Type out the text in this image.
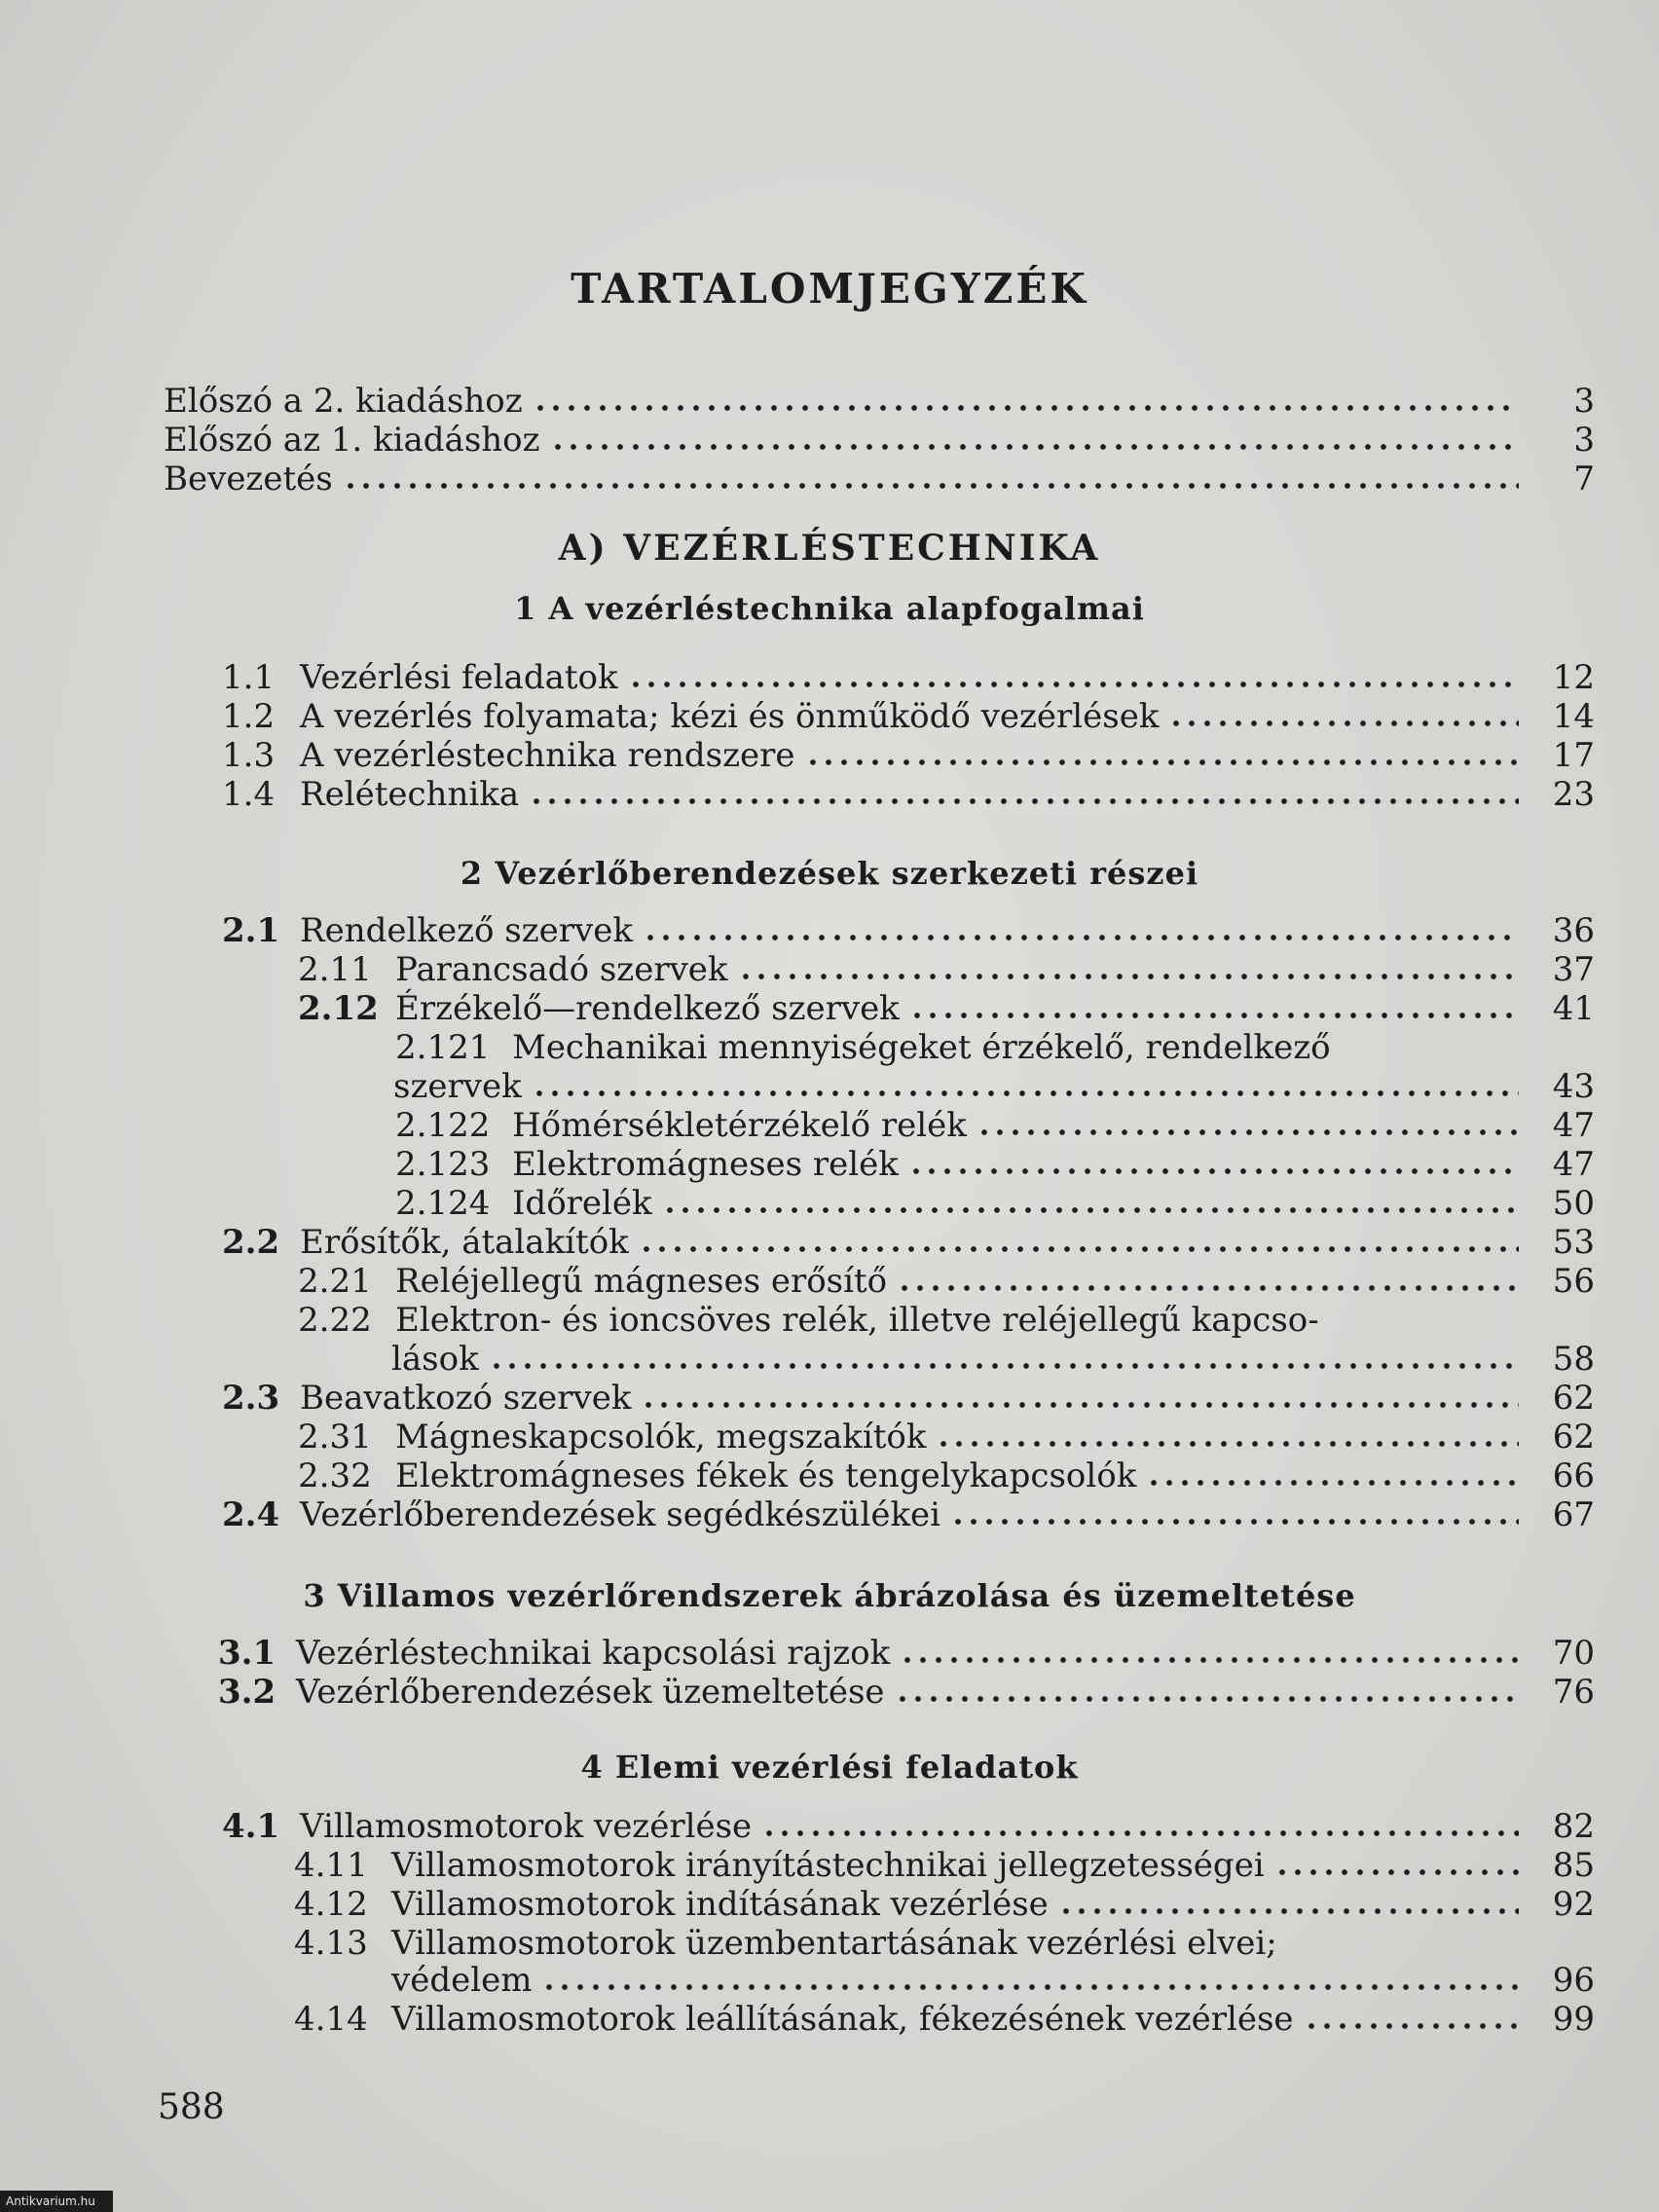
TARTALOMJEGYZÉK
Előszó a 2. kiadáshoz	3
Előszó az 1. kiadáshoz	3
Bevezetés	7
A) VEZÉRLÉSTECHNIKA
1 A vezérléstechnika alapfogalmai
1.1 Vezérlési feladatok	12
1.2 A vezérlés folyamata; kézi és önműködő vezérlések	14
1.3 A vezérléstechnika rendszere	17
1.4 Relétechnika	23
2 Vezérlőberendezések szerkezeti részei
2.1 Rendelkező szervek	36
2.11 Parancsadó szervek	37
2.12 Érzékelő—rendelkező szervek	41
2.121 Mechanikai mennyiségeket érzékelő, rendelkező
szervek	43
2.122 Hőmérsékletérzékelő relék	47
2.123 Elektromágneses relék	47
2.124 Időrelék	50
2.2 Erősítők, átalakítók	53
2.21 Reléjellegű mágneses erősítő	56
2.22 Elektron- és ioncsöves relék, illetve reléjellegű kapcso-
lások	58
2.3 Beavatkozó szervek	62
2.31 Mágneskapcsolók, megszakítók	62
2.32 Elektromágneses fékek és tengelykapcsolók	66
2.4 Vezérlőberendezések segédkészülékei	67
3 Villamos vezérlőrendszerek ábrázolása és üzemeltetése
3.1 Vezérléstechnikai kapcsolási rajzok	70
3.2 Vezérlőberendezések üzemeltetése	76
4 Elemi vezérlési feladatok
4.1 Villamosmotorok vezérlése	82
4.11 Villamosmotorok irányítástechnikai jellegzetességei	85
4.12 Villamosmotorok indításának vezérlése	92
4.13 Villamosmotorok üzembentartásának vezérlési elvei;
védelem	96
4.14 Villamosmotorok leállításának, fékezésének vezérlése	99
588
Antikvarium.hu
